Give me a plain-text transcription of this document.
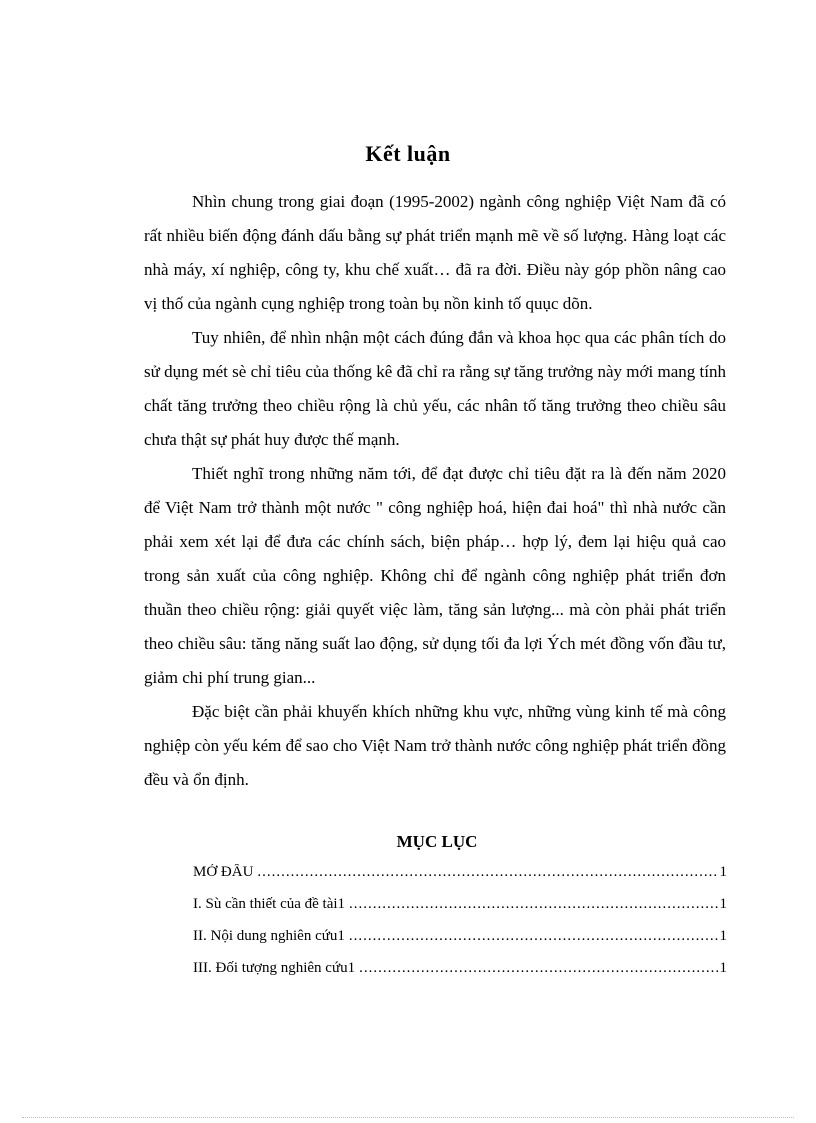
Kết luận

Nhìn chung trong giai đoạn (1995-2002) ngành công nghiệp Việt Nam đã có rất nhiều biến động đánh dấu bằng sự phát triển mạnh mẽ về số lượng. Hàng loạt các nhà máy, xí nghiệp, công ty, khu chế xuất… đã ra đời. Điều này góp phồn nâng cao vị thố của ngành cụng nghiệp trong toàn bụ nồn kinh tố quục dõn.

Tuy nhiên, để nhìn nhận một cách đúng đắn và khoa học qua các phân tích do sử dụng mét sè chỉ tiêu của thống kê đã chỉ ra rằng sự tăng trưởng này mới mang tính chất tăng trưởng theo chiều rộng là chủ yếu, các nhân tố tăng trưởng theo chiều sâu chưa thật sự phát huy được thế mạnh.

Thiết nghĩ trong những năm tới, để đạt được chỉ tiêu đặt ra là đến năm 2020 để Việt Nam trở thành một nước " công nghiệp hoá, hiện đai hoá" thì nhà nước cần phải xem xét lại để đưa các chính sách, biện pháp… hợp lý, đem lại hiệu quả cao trong sản xuất của công nghiệp. Không chỉ để ngành công nghiệp phát triển đơn thuần theo chiều rộng: giải quyết việc làm, tăng sản lượng... mà còn phải phát triển theo chiều sâu: tăng năng suất lao động, sử dụng tối đa lợi Ých mét đồng vốn đầu tư, giảm chi phí trung gian...

Đặc biệt cần phải khuyến khích những khu vực, những vùng kinh tế mà công nghiệp còn yếu kém để sao cho Việt Nam trở thành nước công nghiệp phát triển đồng đều và ổn định.

MỤC LỤC
MỞ ĐẦU .....	1
I. Sù cần thiết của đề tài1 .....	1
II. Nội dung nghiên cứu1 .....	1
III. Đối tượng nghiên cứu1 .....	1
